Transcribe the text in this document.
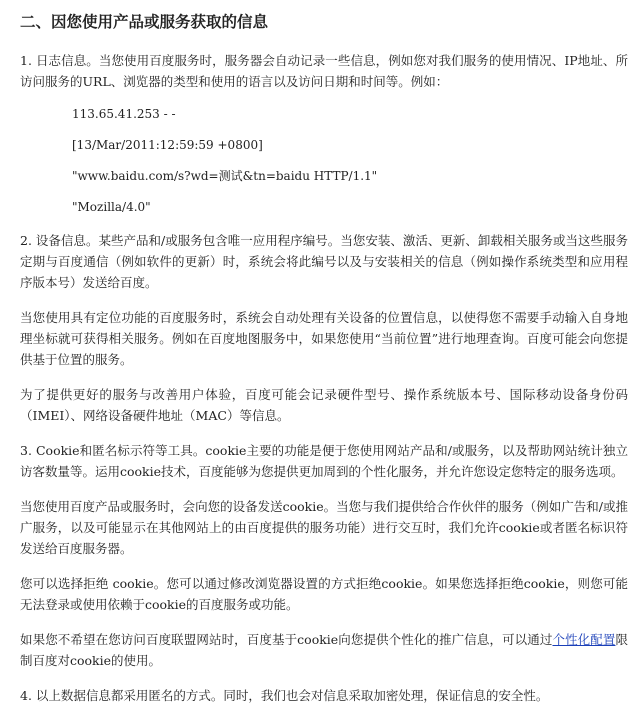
二、因您使用产品或服务获取的信息

1. 日志信息。当您使用百度服务时，服务器会自动记录一些信息，例如您对我们服务的使用情况、IP地址、所访问服务的URL、浏览器的类型和使用的语言以及访问日期和时间等。例如：

113.65.41.253 - -
[13/Mar/2011:12:59:59 +0800]
"www.baidu.com/s?wd=测试&tn=baidu HTTP/1.1"
"Mozilla/4.0"

2. 设备信息。某些产品和/或服务包含唯一应用程序编号。当您安装、激活、更新、卸载相关服务或当这些服务定期与百度通信（例如软件的更新）时，系统会将此编号以及与安装相关的信息（例如操作系统类型和应用程序版本号）发送给百度。

当您使用具有定位功能的百度服务时，系统会自动处理有关设备的位置信息，以使得您不需要手动输入自身地理坐标就可获得相关服务。例如在百度地图服务中，如果您使用“当前位置”进行地理查询。百度可能会向您提供基于位置的服务。

为了提供更好的服务与改善用户体验，百度可能会记录硬件型号、操作系统版本号、国际移动设备身份码（IMEI）、网络设备硬件地址（MAC）等信息。

3. Cookie和匿名标示符等工具。cookie主要的功能是便于您使用网站产品和/或服务，以及帮助网站统计独立访客数量等。运用cookie技术，百度能够为您提供更加周到的个性化服务，并允许您设定您特定的服务选项。

当您使用百度产品或服务时，会向您的设备发送cookie。当您与我们提供给合作伙伴的服务（例如广告和/或推广服务，以及可能显示在其他网站上的由百度提供的服务功能）进行交互时，我们允许cookie或者匿名标识符发送给百度服务器。

您可以选择拒绝 cookie。您可以通过修改浏览器设置的方式拒绝cookie。如果您选择拒绝cookie，则您可能无法登录或使用依赖于cookie的百度服务或功能。

如果您不希望在您访问百度联盟网站时，百度基于cookie向您提供个性化的推广信息，可以通过个性化配置限制百度对cookie的使用。

4. 以上数据信息都采用匿名的方式。同时，我们也会对信息采取加密处理，保证信息的安全性。
